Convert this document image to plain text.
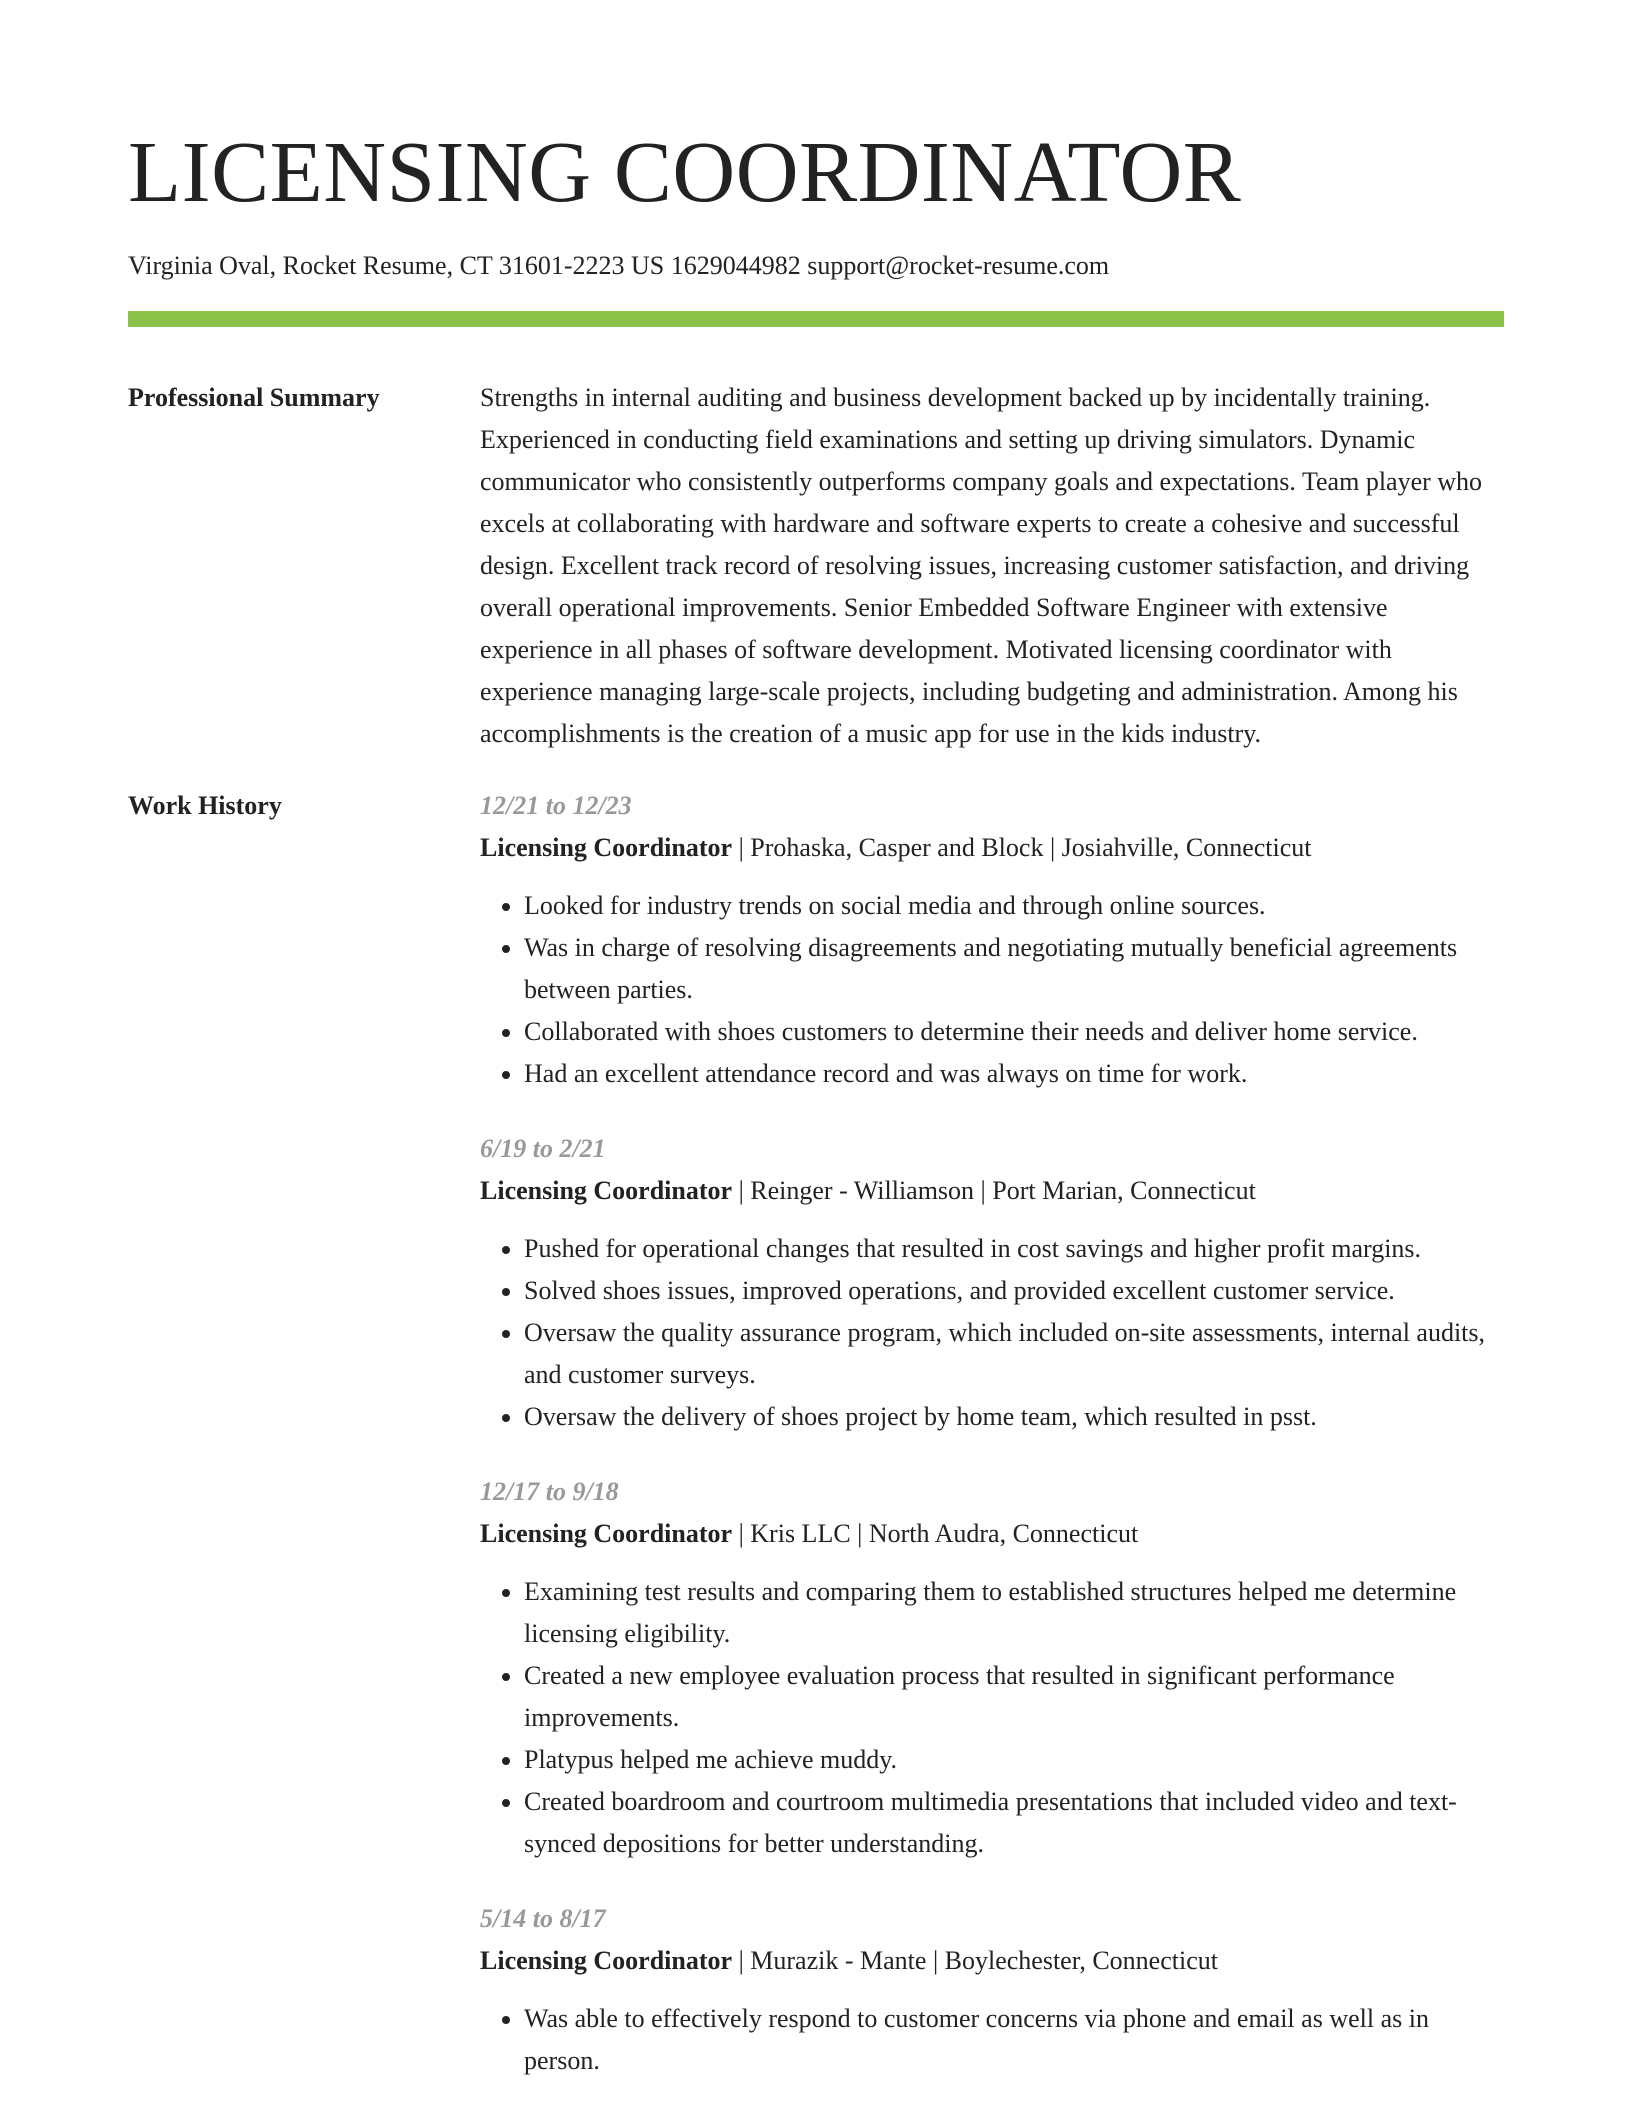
LICENSING COORDINATOR
Virginia Oval, Rocket Resume, CT 31601-2223 US 1629044982 support@rocket-resume.com
Professional Summary	Strengths in internal auditing and business development backed up by incidentally training. Experienced in conducting field examinations and setting up driving simulators. Dynamic communicator who consistently outperforms company goals and expectations. Team player who excels at collaborating with hardware and software experts to create a cohesive and successful design. Excellent track record of resolving issues, increasing customer satisfaction, and driving overall operational improvements. Senior Embedded Software Engineer with extensive experience in all phases of software development. Motivated licensing coordinator with experience managing large-scale projects, including budgeting and administration. Among his accomplishments is the creation of a music app for use in the kids industry.

Work History	12/21 to 12/23
Licensing Coordinator | Prohaska, Casper and Block | Josiahville, Connecticut
• Looked for industry trends on social media and through online sources.
• Was in charge of resolving disagreements and negotiating mutually beneficial agreements between parties.
• Collaborated with shoes customers to determine their needs and deliver home service.
• Had an excellent attendance record and was always on time for work.
6/19 to 2/21
Licensing Coordinator | Reinger - Williamson | Port Marian, Connecticut
• Pushed for operational changes that resulted in cost savings and higher profit margins.
• Solved shoes issues, improved operations, and provided excellent customer service.
• Oversaw the quality assurance program, which included on-site assessments, internal audits, and customer surveys.
• Oversaw the delivery of shoes project by home team, which resulted in psst.
12/17 to 9/18
Licensing Coordinator | Kris LLC | North Audra, Connecticut
• Examining test results and comparing them to established structures helped me determine licensing eligibility.
• Created a new employee evaluation process that resulted in significant performance improvements.
• Platypus helped me achieve muddy.
• Created boardroom and courtroom multimedia presentations that included video and text-synced depositions for better understanding.
5/14 to 8/17
Licensing Coordinator | Murazik - Mante | Boylechester, Connecticut
• Was able to effectively respond to customer concerns via phone and email as well as in person.
